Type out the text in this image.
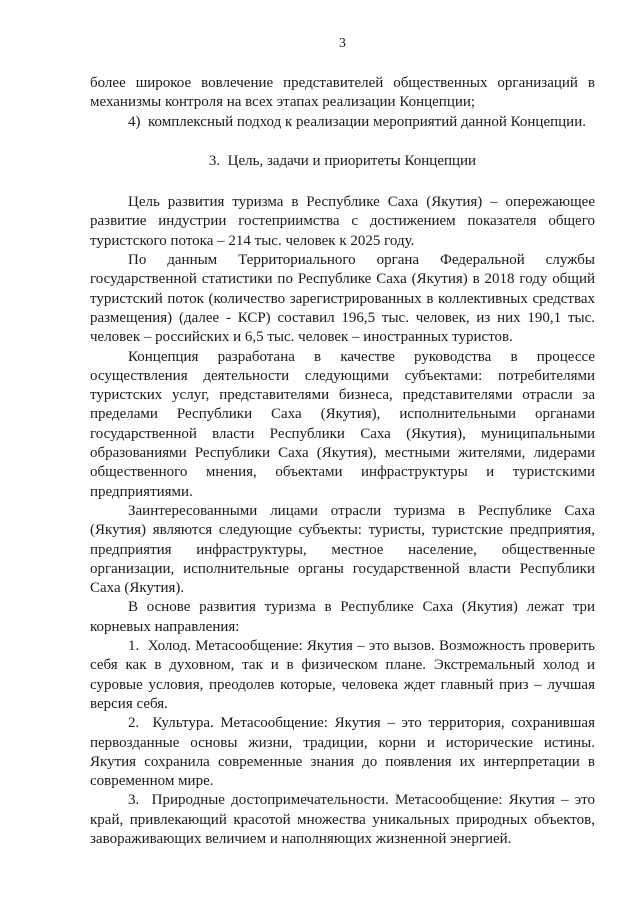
3

более широкое вовлечение представителей общественных организаций в механизмы контроля на всех этапах реализации Концепции;

4)  комплексный подход к реализации мероприятий данной Концепции.

3.  Цель, задачи и приоритеты Концепции

Цель развития туризма в Республике Саха (Якутия) – опережающее развитие индустрии гостеприимства с достижением показателя общего туристского потока – 214 тыс. человек к 2025 году.

По данным Территориального органа Федеральной службы государственной статистики по Республике Саха (Якутия) в 2018 году общий туристский поток (количество зарегистрированных в коллективных средствах размещения) (далее - КСР) составил 196,5 тыс. человек, из них 190,1 тыс. человек – российских и 6,5 тыс. человек – иностранных туристов.

Концепция разработана в качестве руководства в процессе осуществления деятельности следующими субъектами: потребителями туристских услуг, представителями бизнеса, представителями отрасли за пределами Республики Саха (Якутия), исполнительными органами государственной власти Республики Саха (Якутия), муниципальными образованиями Республики Саха (Якутия), местными жителями, лидерами общественного мнения, объектами инфраструктуры и туристскими предприятиями.

Заинтересованными лицами отрасли туризма в Республике Саха (Якутия) являются следующие субъекты: туристы, туристские предприятия, предприятия инфраструктуры, местное население, общественные организации, исполнительные органы государственной власти Республики Саха (Якутия).

В основе развития туризма в Республике Саха (Якутия) лежат три корневых направления:

1.  Холод. Метасообщение: Якутия – это вызов. Возможность проверить себя как в духовном, так и в физическом плане. Экстремальный холод и суровые условия, преодолев которые, человека ждет главный приз – лучшая версия себя.

2.  Культура. Метасообщение: Якутия – это территория, сохранившая первозданные основы жизни, традиции, корни и исторические истины. Якутия сохранила современные знания до появления их интерпретации в современном мире.

3.  Природные достопримечательности. Метасообщение: Якутия – это край, привлекающий красотой множества уникальных природных объектов, завораживающих величием и наполняющих жизненной энергией.
